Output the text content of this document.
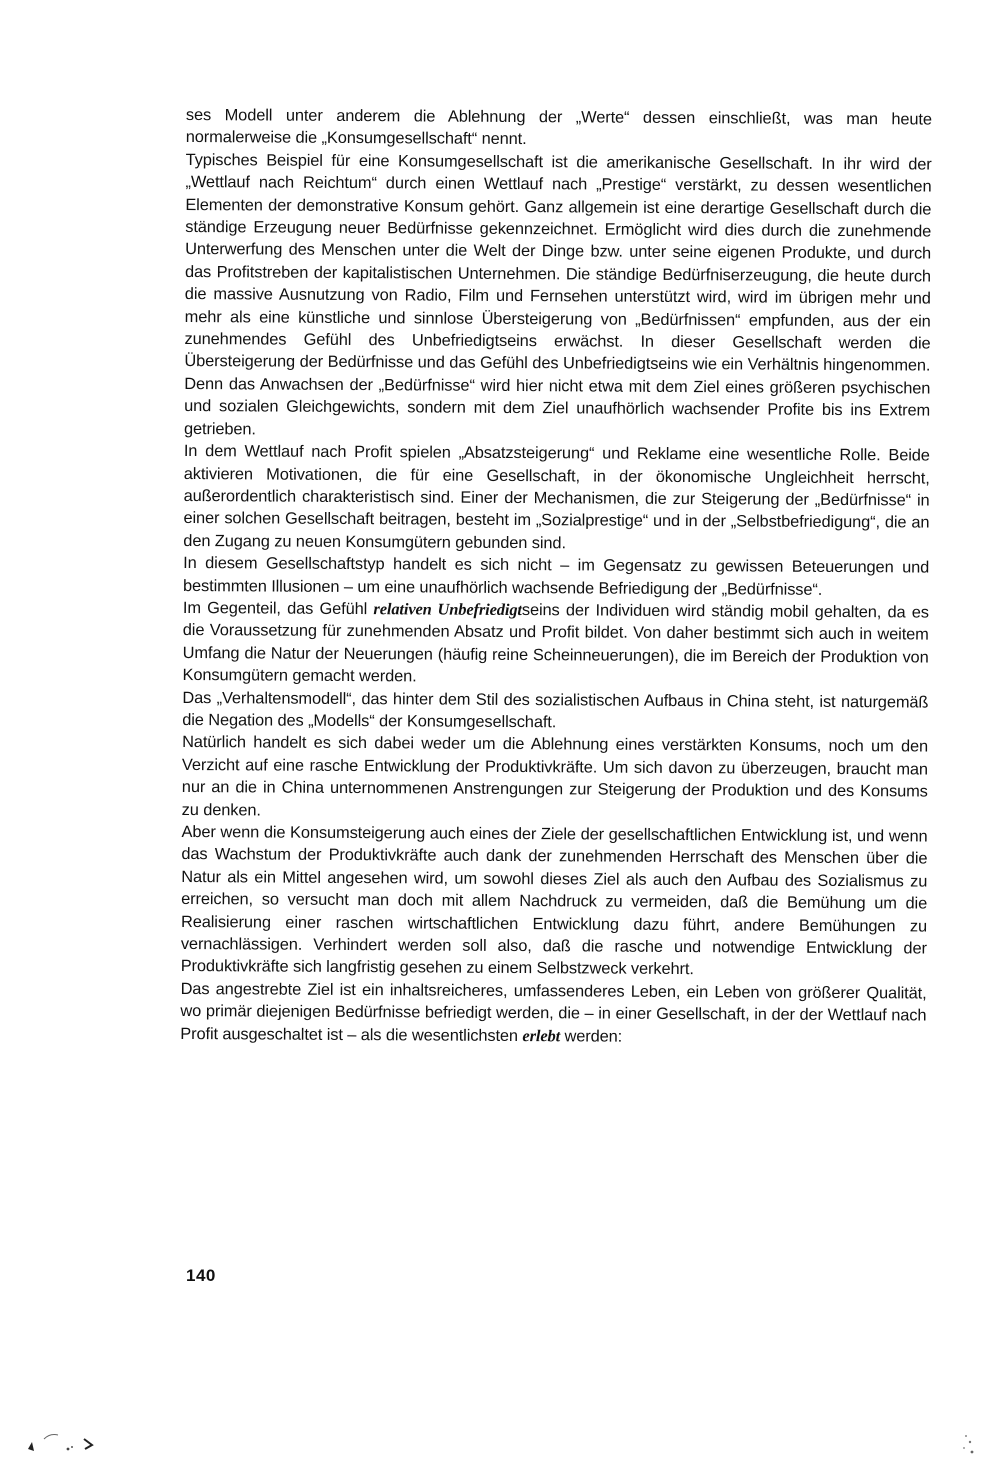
ses Modell unter anderem die Ablehnung der „Werte“ dessen einschließt, was man heute normalerweise die „Konsumgesellschaft“ nennt.

Typisches Beispiel für eine Konsumgesellschaft ist die amerikanische Gesellschaft. In ihr wird der „Wettlauf nach Reichtum“ durch einen Wettlauf nach „Prestige“ verstärkt, zu dessen wesentlichen Elementen der demonstrative Konsum gehört. Ganz allgemein ist eine derartige Gesellschaft durch die ständige Erzeugung neuer Bedürfnisse gekennzeichnet. Ermöglicht wird dies durch die zunehmende Unterwerfung des Menschen unter die Welt der Dinge bzw. unter seine eigenen Produkte, und durch das Profitstreben der kapitalistischen Unternehmen. Die ständige Bedürfniserzeugung, die heute durch die massive Ausnutzung von Radio, Film und Fernsehen unterstützt wird, wird im übrigen mehr und mehr als eine künstliche und sinnlose Übersteigerung von „Bedürfnissen“ empfunden, aus der ein zunehmendes Gefühl des Unbefriedigtseins erwächst. In dieser Gesellschaft werden die Übersteigerung der Bedürfnisse und das Gefühl des Unbefriedigtseins wie ein Verhältnis hingenommen. Denn das Anwachsen der „Bedürfnisse“ wird hier nicht etwa mit dem Ziel eines größeren psychischen und sozialen Gleichgewichts, sondern mit dem Ziel unaufhörlich wachsender Profite bis ins Extrem getrieben.

In dem Wettlauf nach Profit spielen „Absatzsteigerung“ und Reklame eine wesentliche Rolle. Beide aktivieren Motivationen, die für eine Gesellschaft, in der ökonomische Ungleichheit herrscht, außerordentlich charakteristisch sind. Einer der Mechanismen, die zur Steigerung der „Bedürfnisse“ in einer solchen Gesellschaft beitragen, besteht im „Sozialprestige“ und in der „Selbstbefriedigung“, die an den Zugang zu neuen Konsumgütern gebunden sind.

In diesem Gesellschaftstyp handelt es sich nicht – im Gegensatz zu gewissen Beteuerungen und bestimmten Illusionen – um eine unaufhörlich wachsende Befriedigung der „Bedürfnisse“.

Im Gegenteil, das Gefühl relativen Unbefriedigtseins der Individuen wird ständig mobil gehalten, da es die Voraussetzung für zunehmenden Absatz und Profit bildet. Von daher bestimmt sich auch in weitem Umfang die Natur der Neuerungen (häufig reine Scheinneuerungen), die im Bereich der Produktion von Konsumgütern gemacht werden.

Das „Verhaltensmodell“, das hinter dem Stil des sozialistischen Aufbaus in China steht, ist naturgemäß die Negation des „Modells“ der Konsumgesellschaft.

Natürlich handelt es sich dabei weder um die Ablehnung eines verstärkten Konsums, noch um den Verzicht auf eine rasche Entwicklung der Produktivkräfte. Um sich davon zu überzeugen, braucht man nur an die in China unternommenen Anstrengungen zur Steigerung der Produktion und des Konsums zu denken.

Aber wenn die Konsumsteigerung auch eines der Ziele der gesellschaftlichen Entwicklung ist, und wenn das Wachstum der Produktivkräfte auch dank der zunehmenden Herrschaft des Menschen über die Natur als ein Mittel angesehen wird, um sowohl dieses Ziel als auch den Aufbau des Sozialismus zu erreichen, so versucht man doch mit allem Nachdruck zu vermeiden, daß die Bemühung um die Realisierung einer raschen wirtschaftlichen Entwicklung dazu führt, andere Bemühungen zu vernachlässigen. Verhindert werden soll also, daß die rasche und notwendige Entwicklung der Produktivkräfte sich langfristig gesehen zu einem Selbstzweck verkehrt.

Das angestrebte Ziel ist ein inhaltsreicheres, umfassenderes Leben, ein Leben von größerer Qualität, wo primär diejenigen Bedürfnisse befriedigt werden, die – in einer Gesellschaft, in der der Wettlauf nach Profit ausgeschaltet ist – als die wesentlichsten erlebt werden:

140
